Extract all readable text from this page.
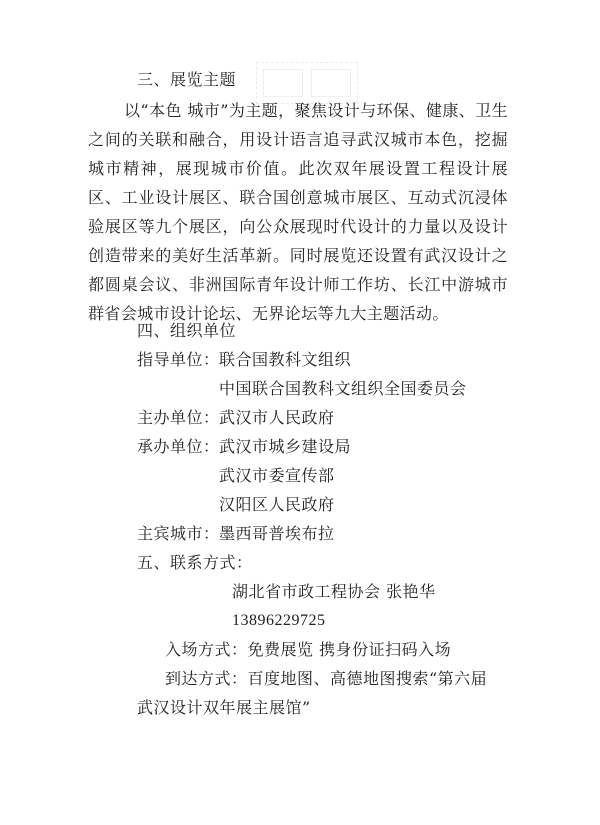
三、展览主题
以“本色 城市”为主题，聚焦设计与环保、健康、卫生之间的关联和融合，用设计语言追寻武汉城市本色，挖掘城市精神，展现城市价值。此次双年展设置工程设计展区、工业设计展区、联合国创意城市展区、互动式沉浸体验展区等九个展区，向公众展现时代设计的力量以及设计创造带来的美好生活革新。同时展览还设置有武汉设计之都圆桌会议、非洲国际青年设计师工作坊、长江中游城市群省会城市设计论坛、无界论坛等九大主题活动。
四、组织单位
指导单位： 联合国教科文组织
中国联合国教科文组织全国委员会
主办单位： 武汉市人民政府
承办单位： 武汉市城乡建设局
武汉市委宣传部
汉阳区人民政府
主宾城市： 墨西哥普埃布拉
五、联系方式：
湖北省市政工程协会 张艳华
13896229725
入场方式：免费展览 携身份证扫码入场
到达方式：百度地图、高德地图搜索“第六届
武汉设计双年展主展馆”
